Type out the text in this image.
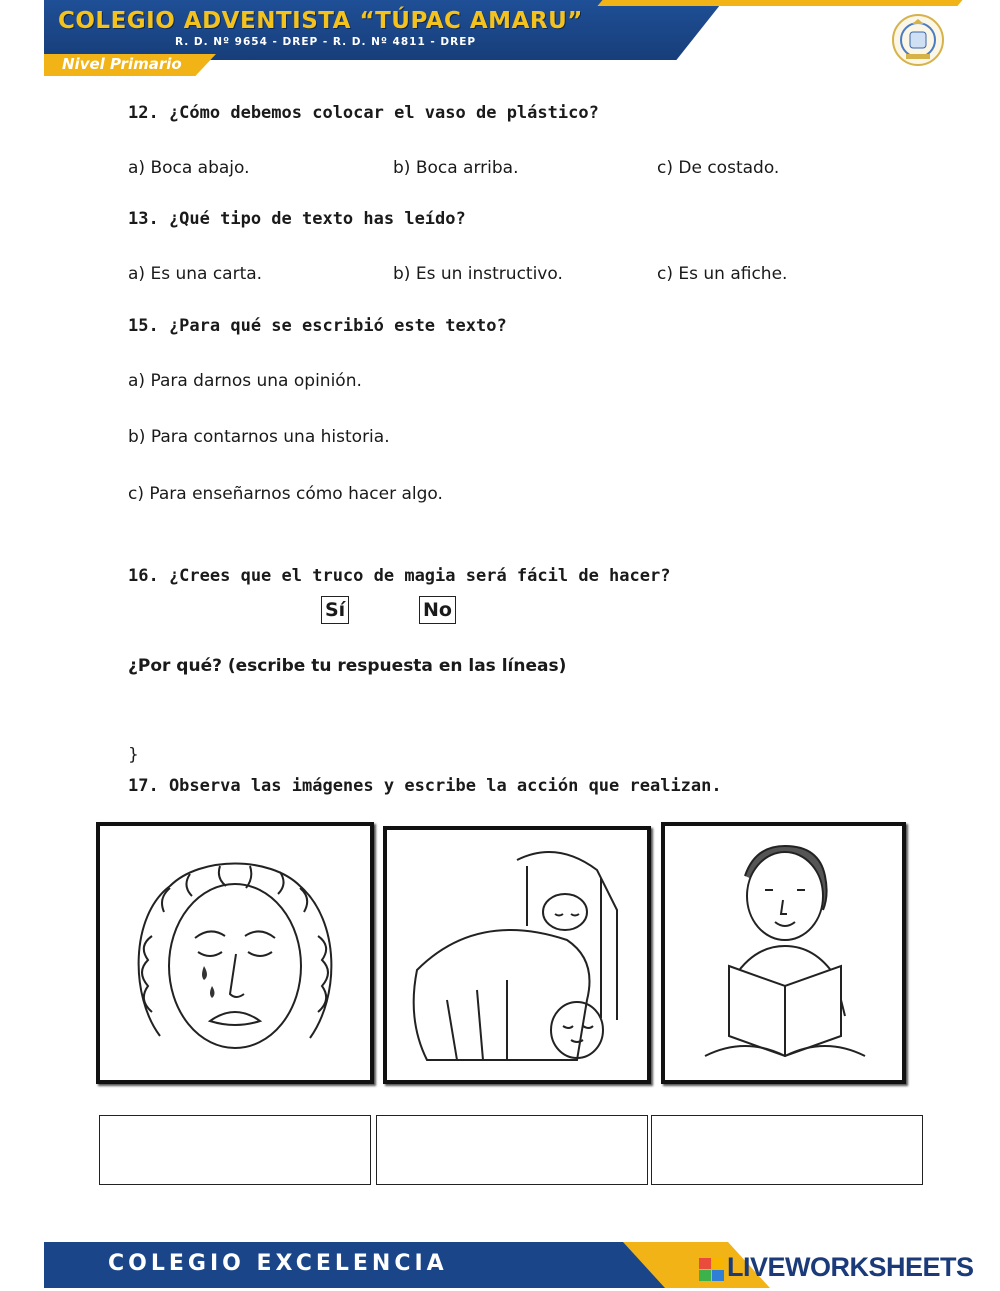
COLEGIO ADVENTISTA “TÚPAC AMARU”
R. D. Nº 9654 - DREP - R. D. Nº 4811 - DREP
Nivel Primario
12. ¿Cómo debemos colocar el vaso de plástico?
a) Boca abajo.	b) Boca arriba.	c) De costado.
13. ¿Qué tipo de texto has leído?
a) Es una carta.	b) Es un instructivo.	c) Es un afiche.
15. ¿Para qué se escribió este texto?
a) Para darnos una opinión.
b) Para contarnos una historia.
c) Para enseñarnos cómo hacer algo.
16. ¿Crees que el truco de magia será fácil de hacer?
Sí	No
¿Por qué? (escribe tu respuesta en las líneas)
}
17. Observa las imágenes y escribe la acción que realizan.
COLEGIO EXCELENCIA	LIVEWORKSHEETS
